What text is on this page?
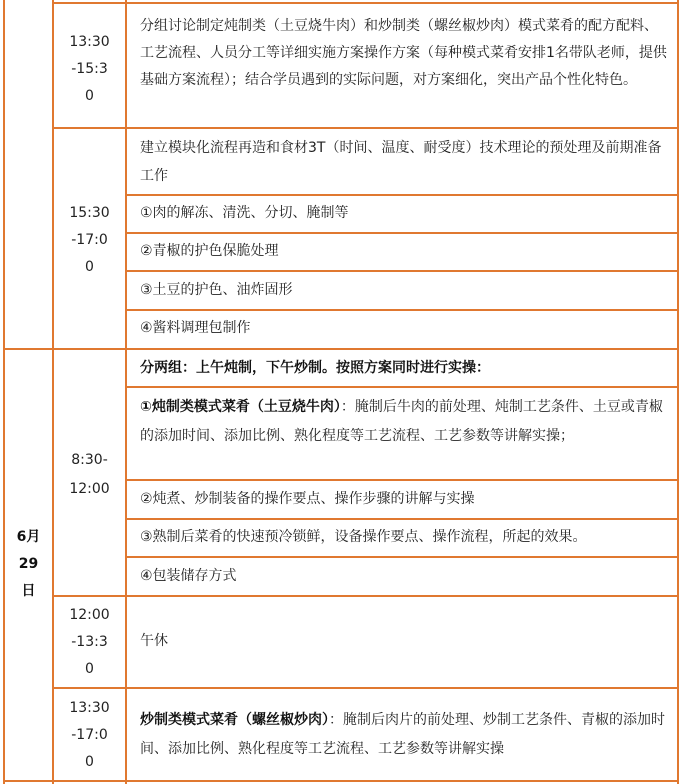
6月
29
日
13:30
-15:3
0

分组讨论制定炖制类（土豆烧牛肉）和炒制类（螺丝椒炒肉）模式菜肴的配方配料、工艺流程、人员分工等详细实施方案操作方案（每种模式菜肴安排1名带队老师，提供基础方案流程）；结合学员遇到的实际问题，对方案细化，突出产品个性化特色。

15:30
-17:0
0

建立模块化流程再造和食材3T（时间、温度、耐受度）技术理论的预处理及前期准备工作

①肉的解冻、清洗、分切、腌制等

②青椒的护色保脆处理

③土豆的护色、油炸固形

④酱料调理包制作

8:30-
12:00

分两组：上午炖制，下午炒制。按照方案同时进行实操：

①炖制类模式菜肴（土豆烧牛肉）：腌制后牛肉的前处理、炖制工艺条件、土豆或青椒的添加时间、添加比例、熟化程度等工艺流程、工艺参数等讲解实操；

②炖煮、炒制装备的操作要点、操作步骤的讲解与实操

③熟制后菜肴的快速预冷锁鲜，设备操作要点、操作流程，所起的效果。

④包装储存方式

12:00
-13:3
0

午休

13:30
-17:0
0

炒制类模式菜肴（螺丝椒炒肉）：腌制后肉片的前处理、炒制工艺条件、青椒的添加时间、添加比例、熟化程度等工艺流程、工艺参数等讲解实操
